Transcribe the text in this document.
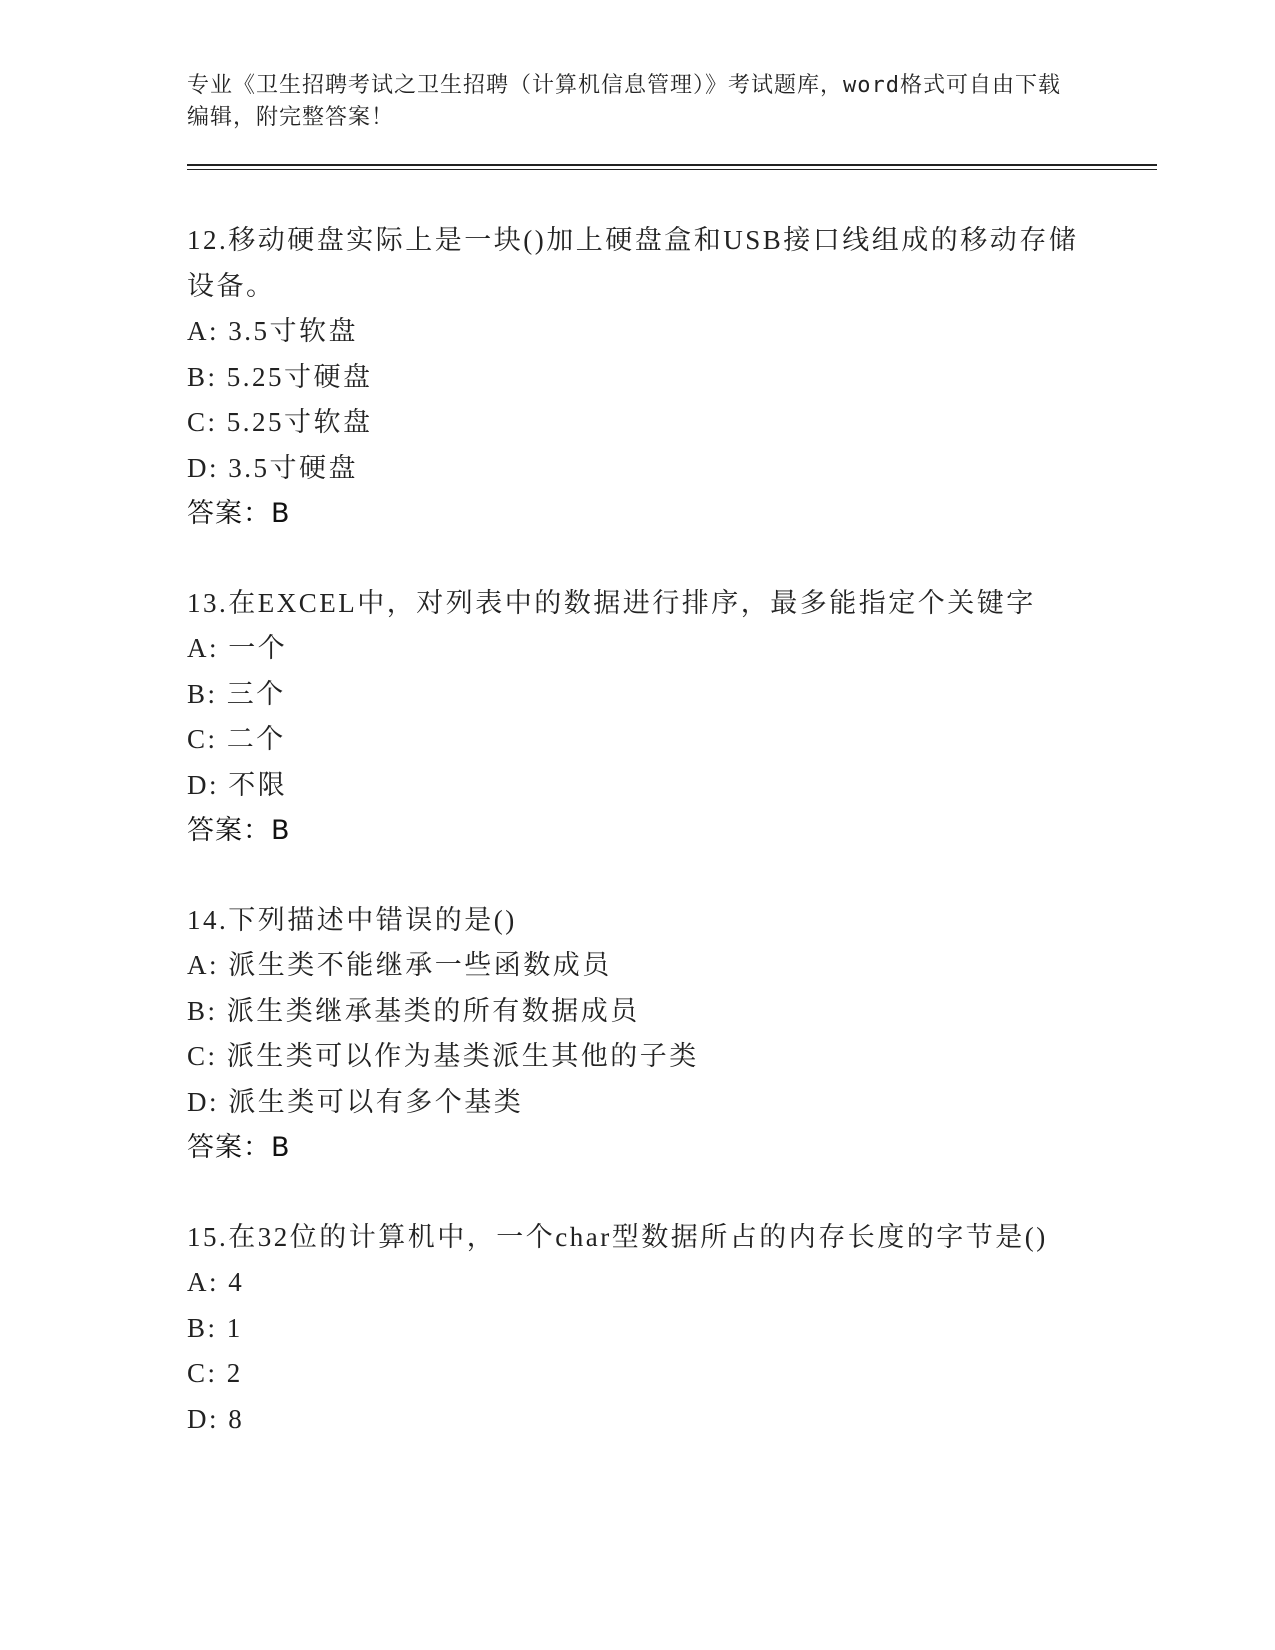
专业《卫生招聘考试之卫生招聘（计算机信息管理）》考试题库，word格式可自由下载编辑，附完整答案！
12.移动硬盘实际上是一块()加上硬盘盒和USB接口线组成的移动存储设备。
A: 3.5寸软盘
B: 5.25寸硬盘
C: 5.25寸软盘
D: 3.5寸硬盘
答案：B
13.在EXCEL中，对列表中的数据进行排序，最多能指定个关键字
A: 一个
B: 三个
C: 二个
D: 不限
答案：B
14.下列描述中错误的是()
A: 派生类不能继承一些函数成员
B: 派生类继承基类的所有数据成员
C: 派生类可以作为基类派生其他的子类
D: 派生类可以有多个基类
答案：B
15.在32位的计算机中，一个char型数据所占的内存长度的字节是()
A: 4
B: 1
C: 2
D: 8
